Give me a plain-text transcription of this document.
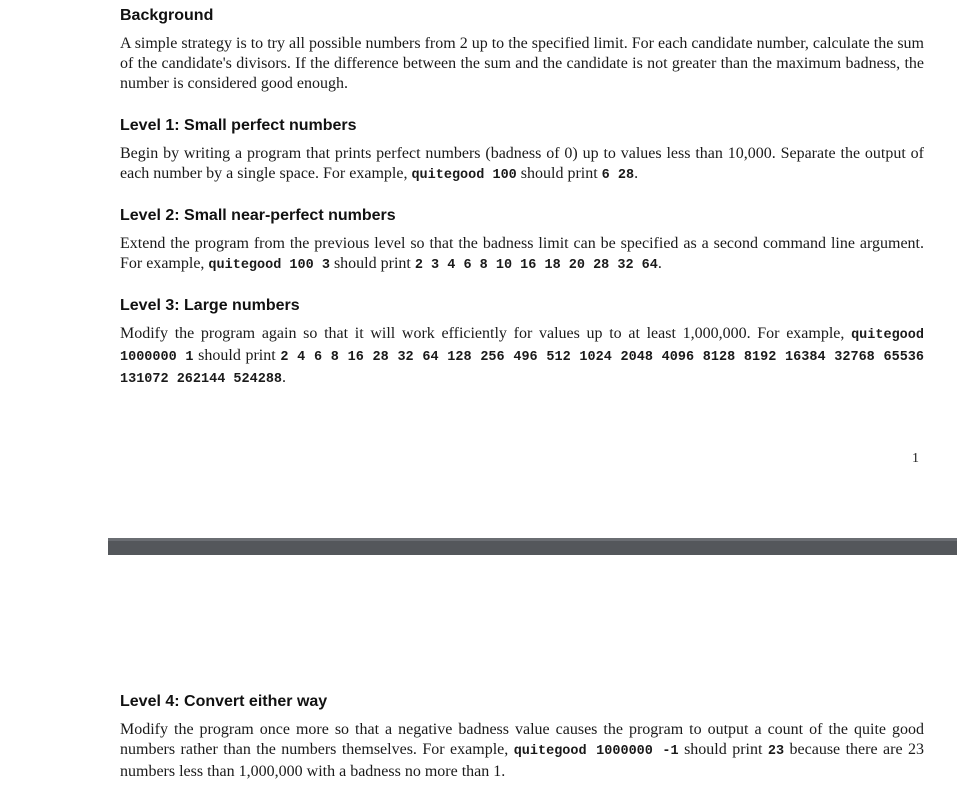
Background

A simple strategy is to try all possible numbers from 2 up to the specified limit. For each candidate number, calculate the sum of the candidate's divisors. If the difference between the sum and the candidate is not greater than the maximum badness, the number is considered good enough.

Level 1: Small perfect numbers

Begin by writing a program that prints perfect numbers (badness of 0) up to values less than 10,000. Separate the output of each number by a single space. For example, quitegood 100 should print 6 28.

Level 2: Small near-perfect numbers

Extend the program from the previous level so that the badness limit can be specified as a second command line argument. For example, quitegood 100 3 should print 2 3 4 6 8 10 16 18 20 28 32 64.

Level 3: Large numbers

Modify the program again so that it will work efficiently for values up to at least 1,000,000. For example, quitegood 1000000 1 should print 2 4 6 8 16 28 32 64 128 256 496 512 1024 2048 4096 8128 8192 16384 32768 65536 131072 262144 524288.

1
Level 4: Convert either way

Modify the program once more so that a negative badness value causes the program to output a count of the quite good numbers rather than the numbers themselves. For example, quitegood 1000000 -1 should print 23 because there are 23 numbers less than 1,000,000 with a badness no more than 1.
